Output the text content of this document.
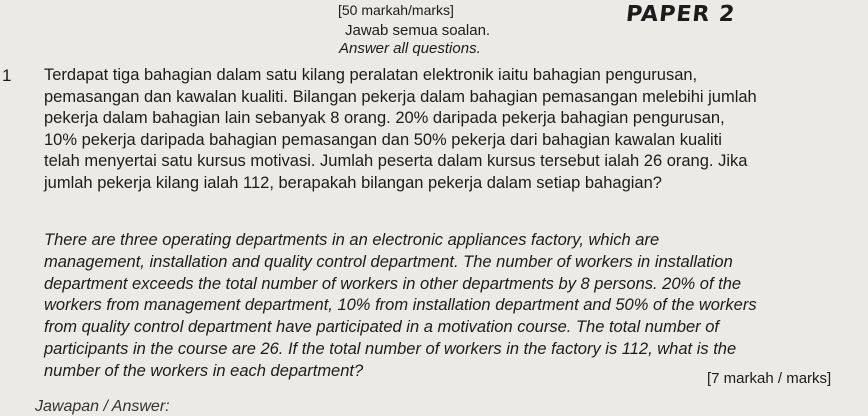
[50 markah/marks]
Jawab semua soalan.
Answer all questions.
PAPER 2
1 Terdapat tiga bahagian dalam satu kilang peralatan elektronik iaitu bahagian pengurusan,
pemasangan dan kawalan kualiti. Bilangan pekerja dalam bahagian pemasangan melebihi jumlah
pekerja dalam bahagian lain sebanyak 8 orang. 20% daripada pekerja bahagian pengurusan,
10% pekerja daripada bahagian pemasangan dan 50% pekerja dari bahagian kawalan kualiti
telah menyertai satu kursus motivasi. Jumlah peserta dalam kursus tersebut ialah 26 orang. Jika
jumlah pekerja kilang ialah 112, berapakah bilangan pekerja dalam setiap bahagian?
There are three operating departments in an electronic appliances factory, which are
management, installation and quality control department. The number of workers in installation
department exceeds the total number of workers in other departments by 8 persons. 20% of the
workers from management department, 10% from installation department and 50% of the workers
from quality control department have participated in a motivation course. The total number of
participants in the course are 26. If the total number of workers in the factory is 112, what is the
number of the workers in each department?	[7 markah / marks]
Jawapan / Answer:
